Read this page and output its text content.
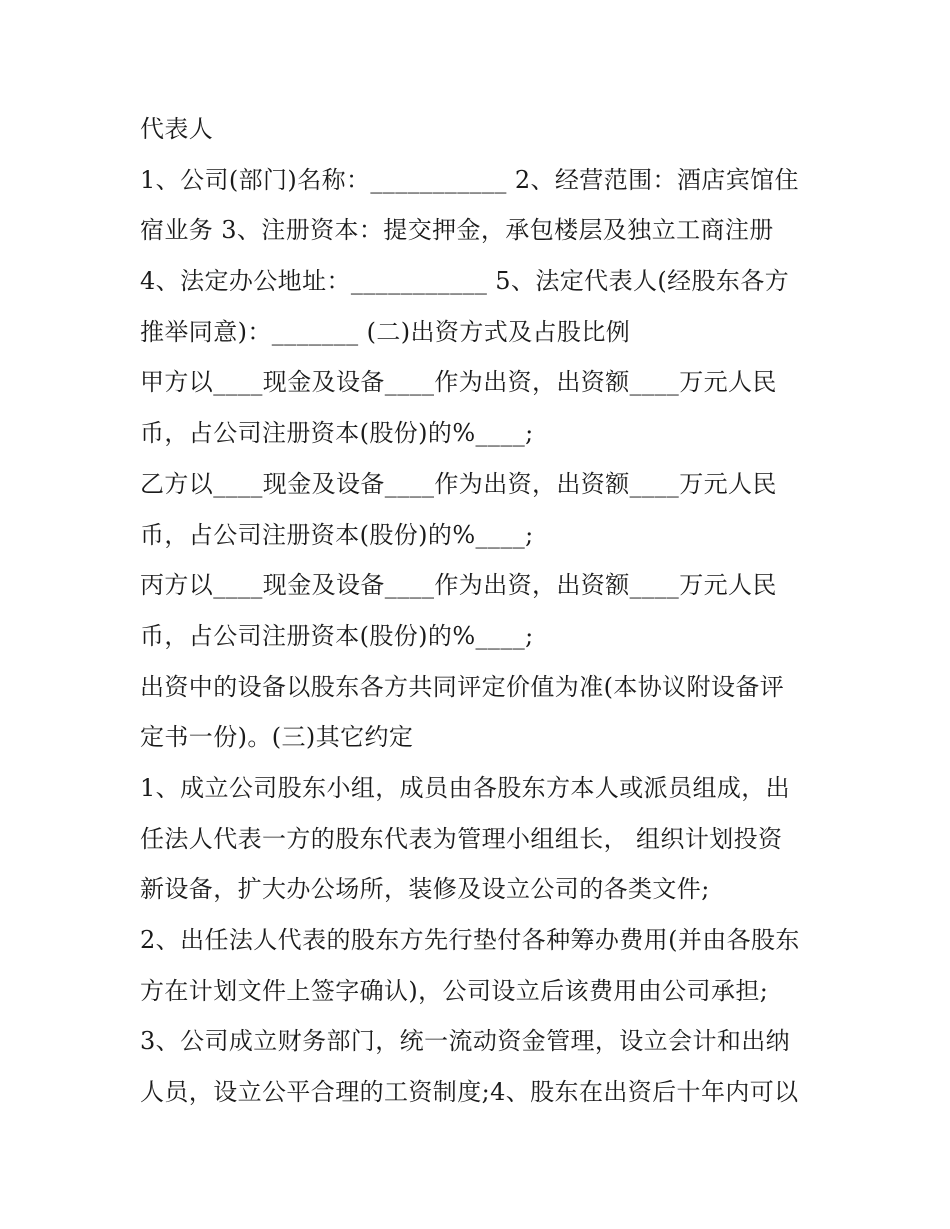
代表人
1、公司(部门)名称：___________ 2、经营范围：酒店宾馆住
宿业务 3、注册资本：提交押金，承包楼层及独立工商注册
4、法定办公地址：___________ 5、法定代表人(经股东各方
推举同意)：_______ (二)出资方式及占股比例
甲方以____现金及设备____作为出资，出资额____万元人民
币，占公司注册资本(股份)的%____;
乙方以____现金及设备____作为出资，出资额____万元人民
币，占公司注册资本(股份)的%____;
丙方以____现金及设备____作为出资，出资额____万元人民
币，占公司注册资本(股份)的%____;
出资中的设备以股东各方共同评定价值为准(本协议附设备评
定书一份)。(三)其它约定
1、成立公司股东小组，成员由各股东方本人或派员组成，出
任法人代表一方的股东代表为管理小组组长， 组织计划投资
新设备，扩大办公场所，装修及设立公司的各类文件;
2、出任法人代表的股东方先行垫付各种筹办费用(并由各股东
方在计划文件上签字确认)，公司设立后该费用由公司承担;
3、公司成立财务部门，统一流动资金管理，设立会计和出纳
人员，设立公平合理的工资制度;4、股东在出资后十年内可以
